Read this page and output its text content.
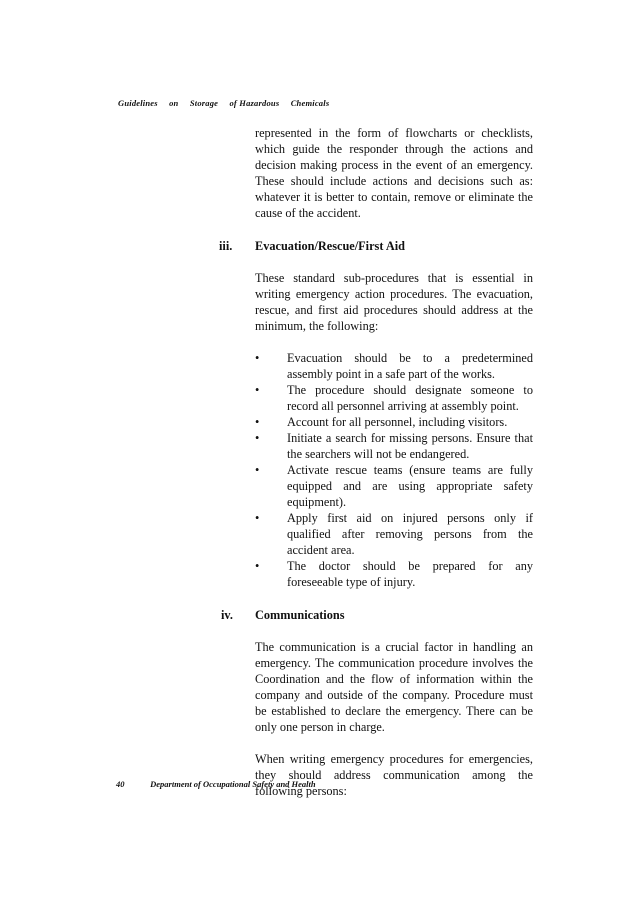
Guidelines on Storage of Hazardous Chemicals

represented in the form of flowcharts or checklists, which guide the responder through the actions and decision making process in the event of an emergency. These should include actions and decisions such as: whatever it is better to contain, remove or eliminate the cause of the accident.

iii. Evacuation/Rescue/First Aid

These standard sub-procedures that is essential in writing emergency action procedures. The evacuation, rescue, and first aid procedures should address at the minimum, the following:

• Evacuation should be to a predetermined assembly point in a safe part of the works.
• The procedure should designate someone to record all personnel arriving at assembly point.
• Account for all personnel, including visitors.
• Initiate a search for missing persons. Ensure that the searchers will not be endangered.
• Activate rescue teams (ensure teams are fully equipped and are using appropriate safety equipment).
• Apply first aid on injured persons only if qualified after removing persons from the accident area.
• The doctor should be prepared for any foreseeable type of injury.
iv. Communications

The communication is a crucial factor in handling an emergency. The communication procedure involves the Coordination and the flow of information within the company and outside of the company. Procedure must be established to declare the emergency. There can be only one person in charge.

When writing emergency procedures for emergencies, they should address communication among the following persons:

40	Department of Occupational Safety and Health
